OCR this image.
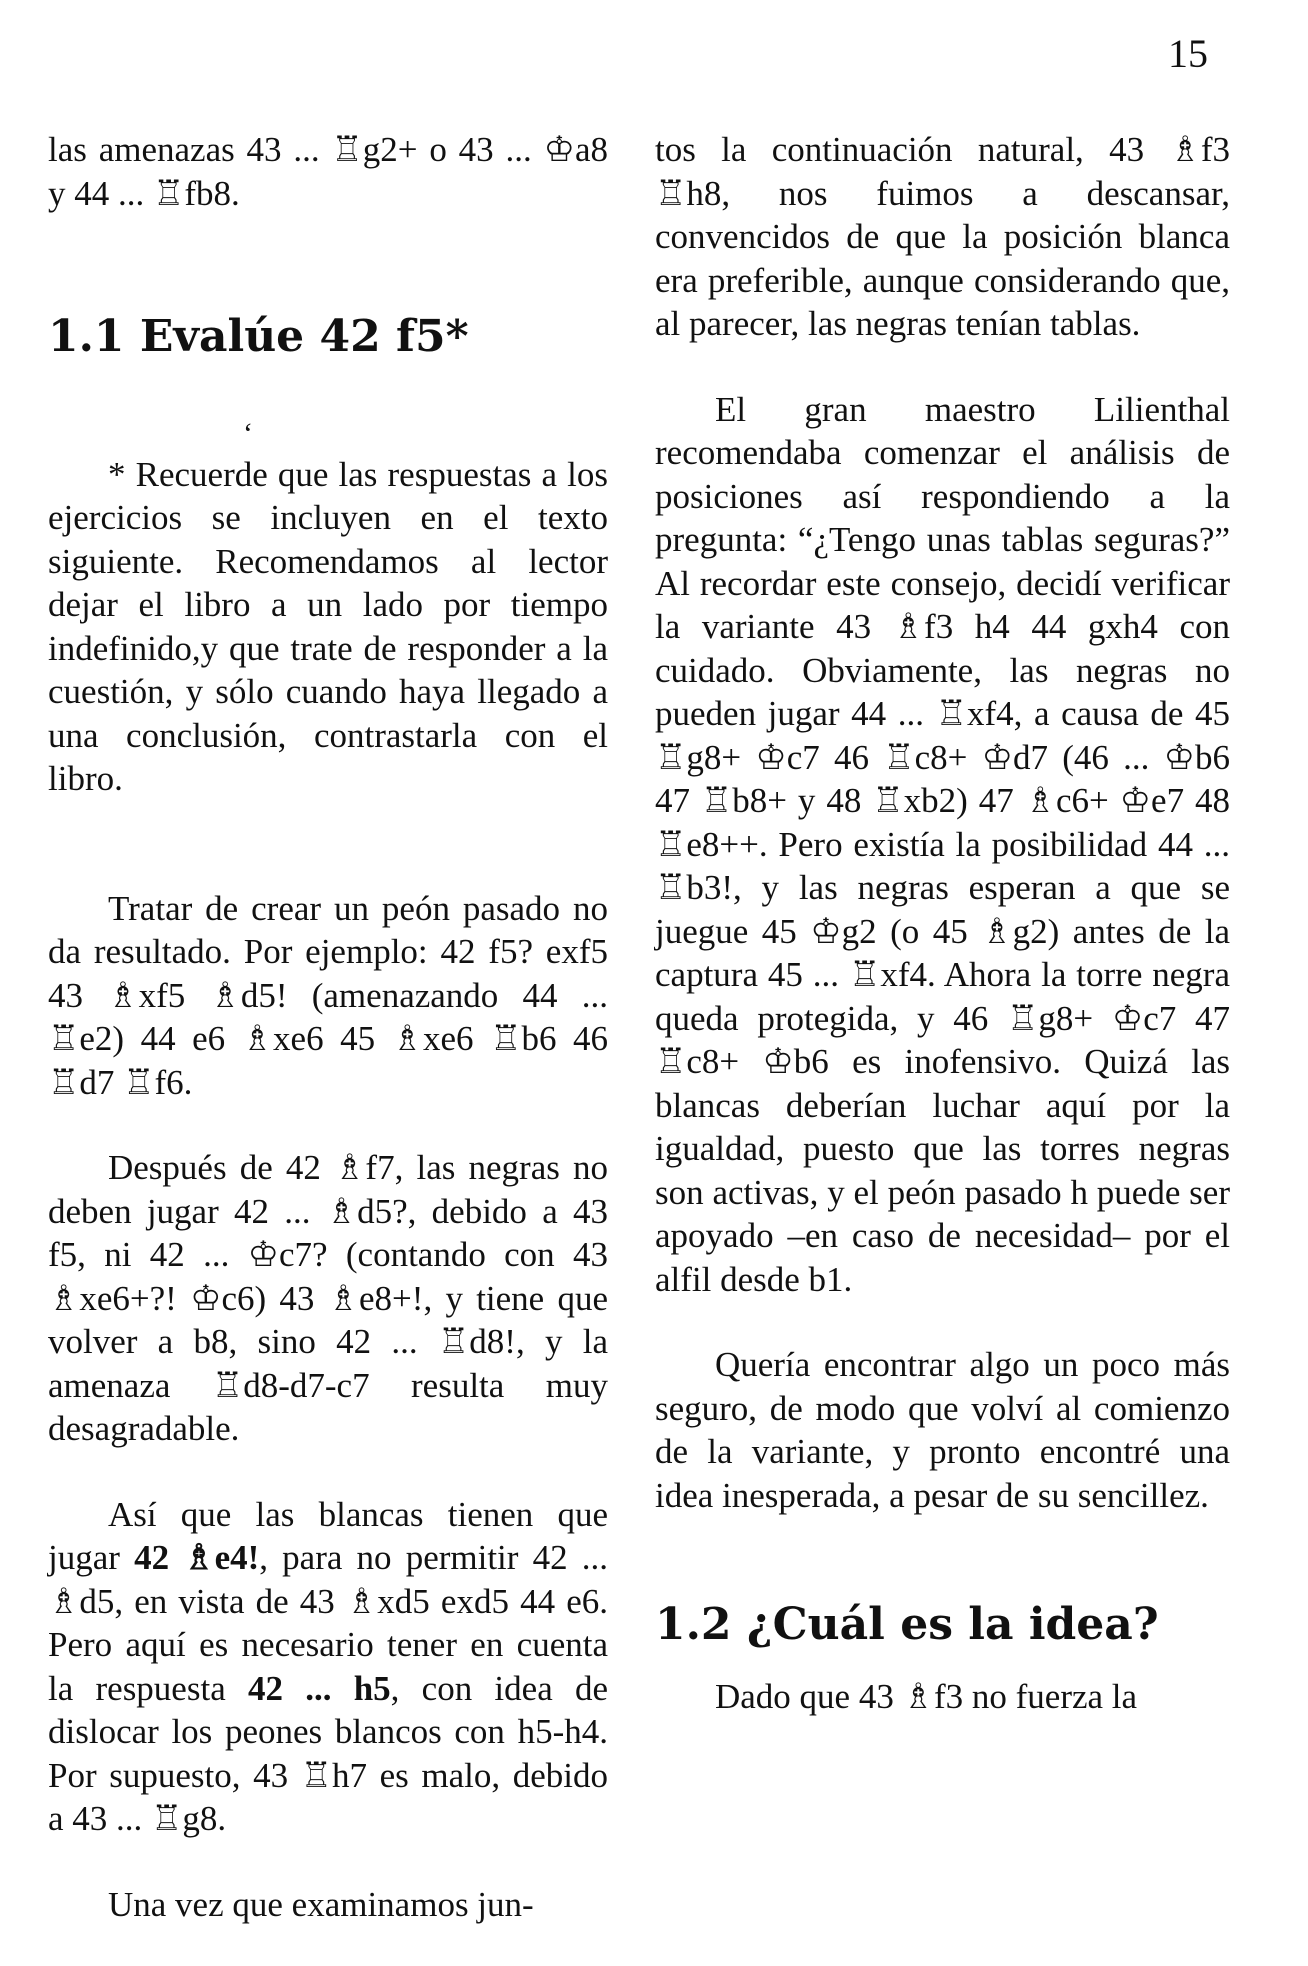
15

las amenazas 43 ... ♖g2+ o 43 ... ♔a8 y 44 ... ♖fb8.

1.1 Evalúe 42 f5*
ʻ

* Recuerde que las respuestas a los ejercicios se incluyen en el texto siguiente. Recomendamos al lector dejar el libro a un lado por tiempo indefinido,y que trate de responder a la cuestión, y sólo cuando haya llegado a una conclusión, contrastarla con el libro.

Tratar de crear un peón pasado no da resultado. Por ejemplo: 42 f5? exf5 43 ♗xf5 ♗d5! (amenazando 44 ... ♖e2) 44 e6 ♗xe6 45 ♗xe6 ♖b6 46 ♖d7 ♖f6.

Después de 42 ♗f7, las negras no deben jugar 42 ... ♗d5?, debido a 43 f5, ni 42 ... ♔c7? (contando con 43 ♗xe6+?! ♔c6) 43 ♗e8+!, y tiene que volver a b8, sino 42 ... ♖d8!, y la amenaza ♖d8-d7-c7 resulta muy desagradable.

Así que las blancas tienen que jugar 42 ♗e4!, para no permitir 42 ... ♗d5, en vista de 43 ♗xd5 exd5 44 e6. Pero aquí es necesario tener en cuenta la respuesta 42 ... h5, con idea de dislocar los peones blancos con h5-h4. Por supuesto, 43 ♖h7 es malo, debido a 43 ... ♖g8.

Una vez que examinamos jun-

tos la continuación natural, 43 ♗f3 ♖h8, nos fuimos a descansar, convencidos de que la posición blanca era preferible, aunque considerando que, al parecer, las negras tenían tablas.

El gran maestro Lilienthal recomendaba comenzar el análisis de posiciones así respondiendo a la pregunta: “¿Tengo unas tablas seguras?” Al recordar este consejo, decidí verificar la variante 43 ♗f3 h4 44 gxh4 con cuidado. Obviamente, las negras no pueden jugar 44 ... ♖xf4, a causa de 45 ♖g8+ ♔c7 46 ♖c8+ ♔d7 (46 ... ♔b6 47 ♖b8+ y 48 ♖xb2) 47 ♗c6+ ♔e7 48 ♖e8++. Pero existía la posibilidad 44 ... ♖b3!, y las negras esperan a que se juegue 45 ♔g2 (o 45 ♗g2) antes de la captura 45 ... ♖xf4. Ahora la torre negra queda protegida, y 46 ♖g8+ ♔c7 47 ♖c8+ ♔b6 es inofensivo. Quizá las blancas deberían luchar aquí por la igualdad, puesto que las torres negras son activas, y el peón pasado h puede ser apoyado –en caso de necesidad– por el alfil desde b1.

Quería encontrar algo un poco más seguro, de modo que volví al comienzo de la variante, y pronto encontré una idea inesperada, a pesar de su sencillez.

1.2 ¿Cuál es la idea?

Dado que 43 ♗f3 no fuerza la
